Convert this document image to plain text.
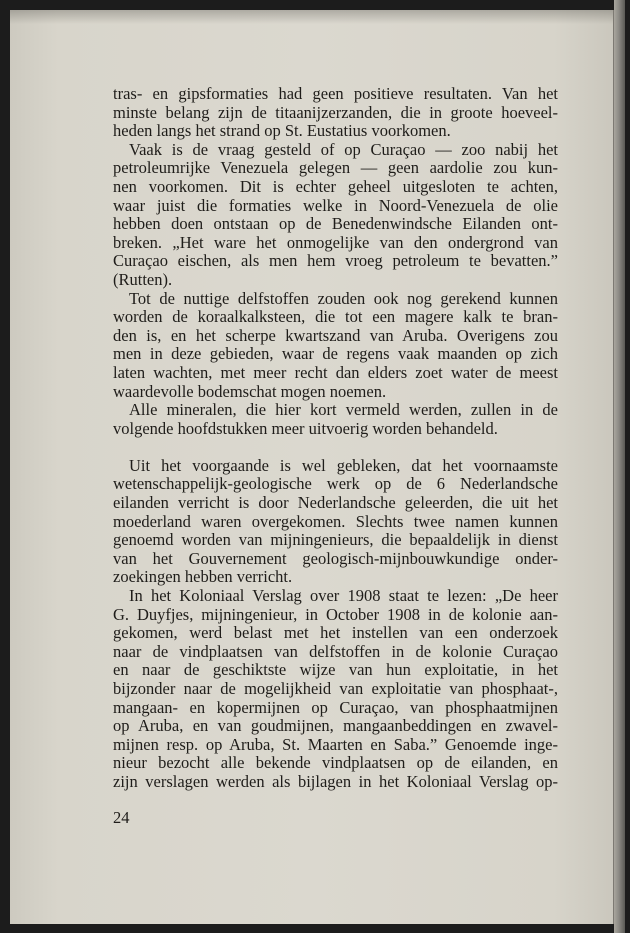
tras- en gipsformaties had geen positieve resultaten. Van het
minste belang zijn de titaanijzerzanden, die in groote hoeveel-
heden langs het strand op St. Eustatius voorkomen.
Vaak is de vraag gesteld of op Curaçao — zoo nabij het
petroleumrijke Venezuela gelegen — geen aardolie zou kun-
nen voorkomen. Dit is echter geheel uitgesloten te achten,
waar juist die formaties welke in Noord-Venezuela de olie
hebben doen ontstaan op de Benedenwindsche Eilanden ont-
breken. „Het ware het onmogelijke van den ondergrond van
Curaçao eischen, als men hem vroeg petroleum te bevatten.”
(Rutten).
Tot de nuttige delfstoffen zouden ook nog gerekend kunnen
worden de koraalkalksteen, die tot een magere kalk te bran-
den is, en het scherpe kwartszand van Aruba. Overigens zou
men in deze gebieden, waar de regens vaak maanden op zich
laten wachten, met meer recht dan elders zoet water de meest
waardevolle bodemschat mogen noemen.
Alle mineralen, die hier kort vermeld werden, zullen in de
volgende hoofdstukken meer uitvoerig worden behandeld.
Uit het voorgaande is wel gebleken, dat het voornaamste
wetenschappelijk-geologische werk op de 6 Nederlandsche
eilanden verricht is door Nederlandsche geleerden, die uit het
moederland waren overgekomen. Slechts twee namen kunnen
genoemd worden van mijningenieurs, die bepaaldelijk in dienst
van het Gouvernement geologisch-mijnbouwkundige onder-
zoekingen hebben verricht.
In het Koloniaal Verslag over 1908 staat te lezen: „De heer
G. Duyfjes, mijningenieur, in October 1908 in de kolonie aan-
gekomen, werd belast met het instellen van een onderzoek
naar de vindplaatsen van delfstoffen in de kolonie Curaçao
en naar de geschiktste wijze van hun exploitatie, in het
bijzonder naar de mogelijkheid van exploitatie van phosphaat-,
mangaan- en kopermijnen op Curaçao, van phosphaatmijnen
op Aruba, en van goudmijnen, mangaanbeddingen en zwavel-
mijnen resp. op Aruba, St. Maarten en Saba.” Genoemde inge-
nieur bezocht alle bekende vindplaatsen op de eilanden, en
zijn verslagen werden als bijlagen in het Koloniaal Verslag op-
24
